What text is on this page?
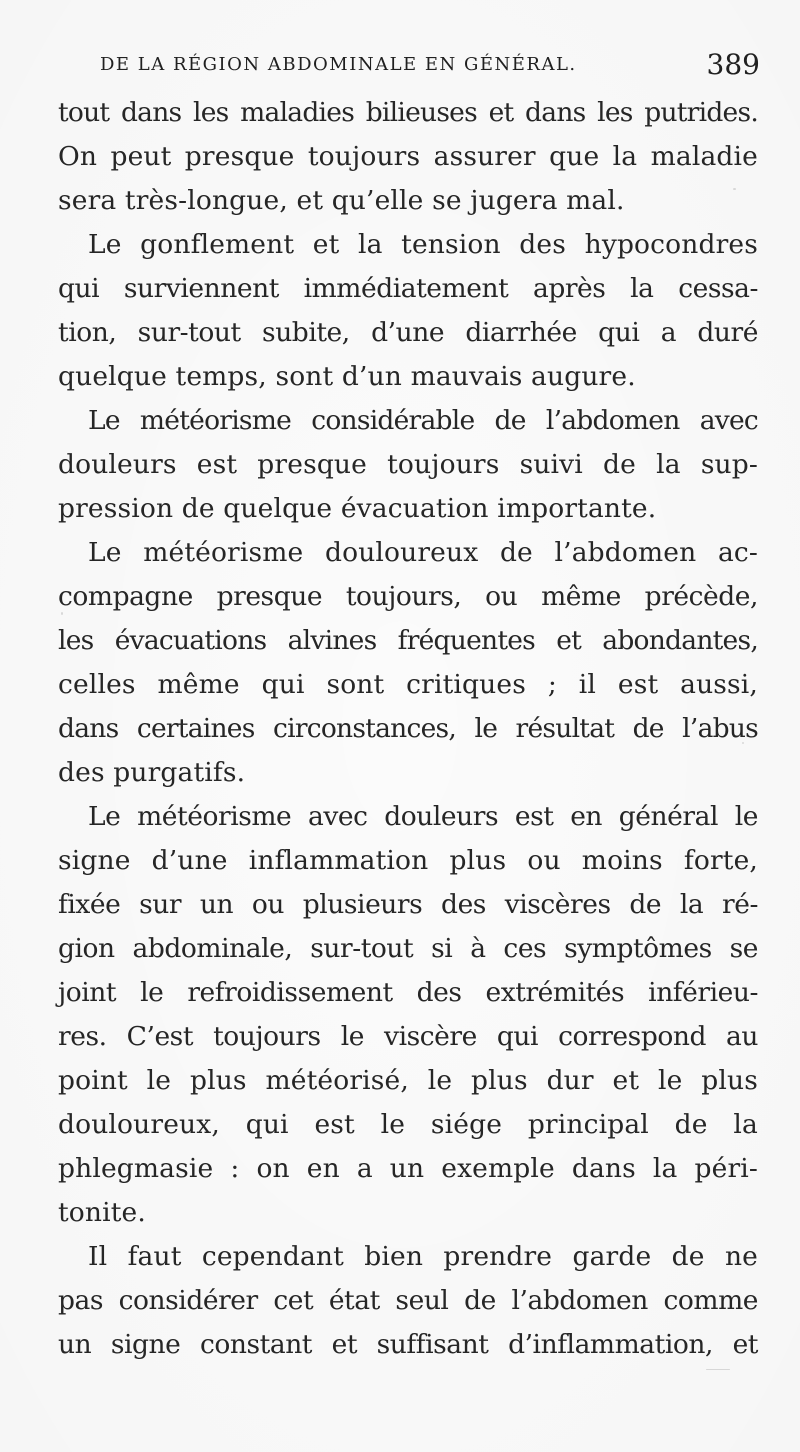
DE LA RÉGION ABDOMINALE EN GÉNÉRAL.	389
tout dans les maladies bilieuses et dans les putrides.
On peut presque toujours assurer que la maladie
sera très-longue, et qu’elle se jugera mal.
Le gonflement et la tension des hypocondres
qui surviennent immédiatement après la cessa-
tion, sur-tout subite, d’une diarrhée qui a duré
quelque temps, sont d’un mauvais augure.
Le météorisme considérable de l’abdomen avec
douleurs est presque toujours suivi de la sup-
pression de quelque évacuation importante.
Le météorisme douloureux de l’abdomen ac-
compagne presque toujours, ou même précède,
les évacuations alvines fréquentes et abondantes,
celles même qui sont critiques ; il est aussi,
dans certaines circonstances, le résultat de l’abus
des purgatifs.
Le météorisme avec douleurs est en général le
signe d’une inflammation plus ou moins forte,
fixée sur un ou plusieurs des viscères de la ré-
gion abdominale, sur-tout si à ces symptômes se
joint le refroidissement des extrémités inférieu-
res. C’est toujours le viscère qui correspond au
point le plus météorisé, le plus dur et le plus
douloureux, qui est le siége principal de la
phlegmasie : on en a un exemple dans la péri-
tonite.
Il faut cependant bien prendre garde de ne
pas considérer cet état seul de l’abdomen comme
un signe constant et suffisant d’inflammation, et
